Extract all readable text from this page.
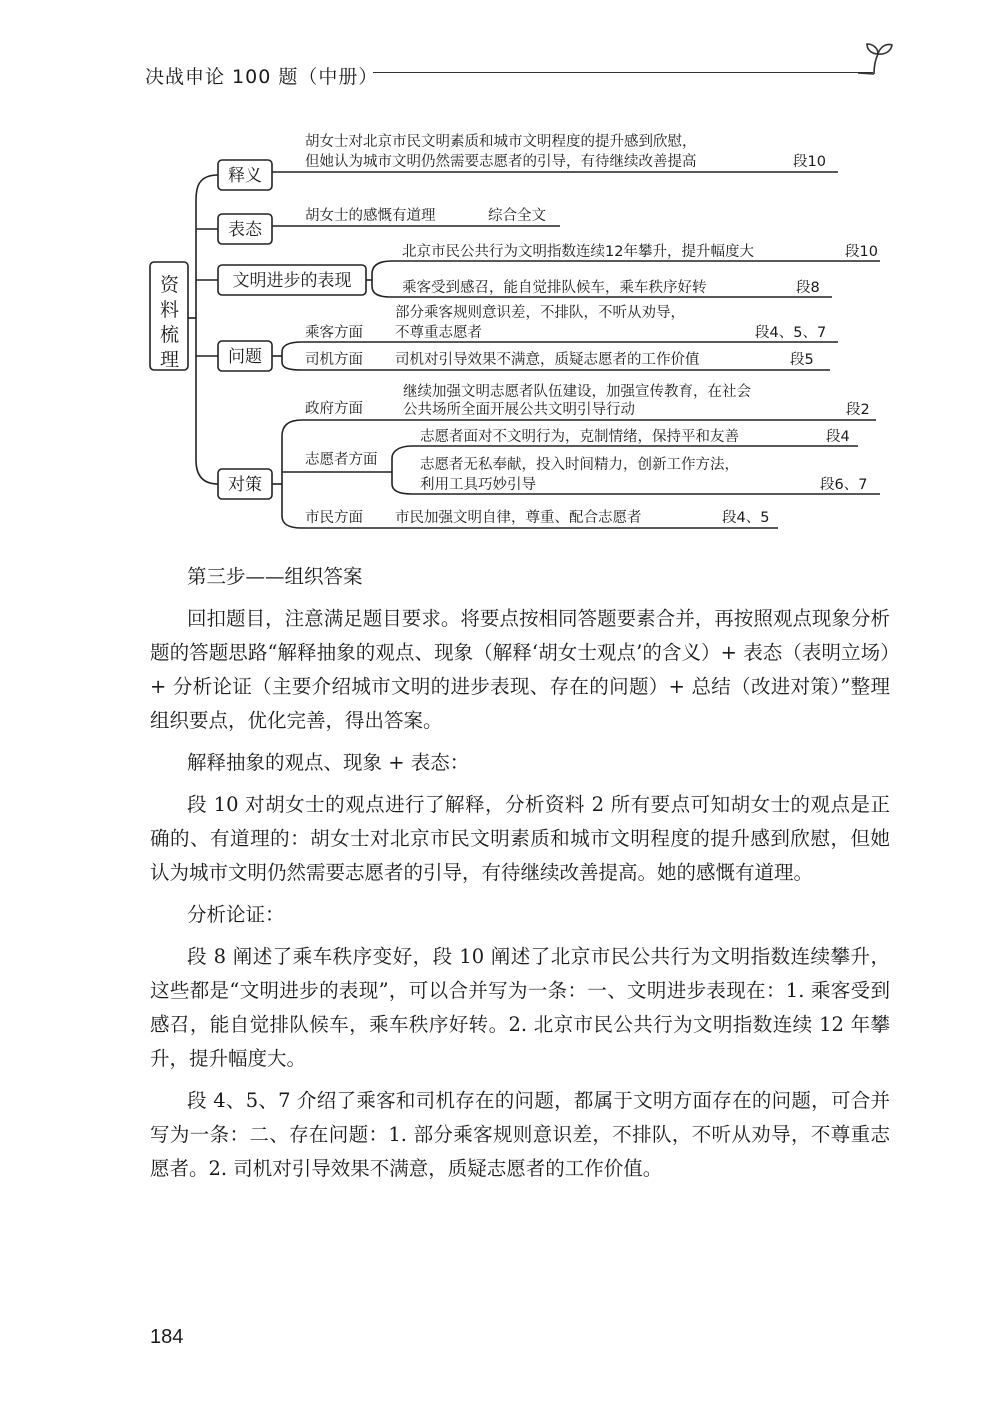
决战申论 100 题（中册）
资
料
梳
理
释义
表态
文明进步的表现
问题
对策
胡女士对北京市民文明素质和城市文明程度的提升感到欣慰，
但她认为城市文明仍然需要志愿者的引导，有待继续改善提高	段10
胡女士的感慨有道理	综合全文
北京市民公共行为文明指数连续12年攀升，提升幅度大	段10
乘客受到感召，能自觉排队候车，乘车秩序好转	段8
乘客方面
部分乘客规则意识差，不排队，不听从劝导，
不尊重志愿者	段4、5、7
司机方面 司机对引导效果不满意，质疑志愿者的工作价值	段5
政府方面
继续加强文明志愿者队伍建设，加强宣传教育，在社会
公共场所全面开展公共文明引导行动	段2
志愿者方面
志愿者面对不文明行为，克制情绪，保持平和友善	段4
志愿者无私奉献，投入时间精力，创新工作方法，
利用工具巧妙引导	段6、7
市民方面 市民加强文明自律，尊重、配合志愿者	段4、5

第三步——组织答案

回扣题目，注意满足题目要求。将要点按相同答题要素合并，再按照观点现象分析题的答题思路“解释抽象的观点、现象（解释‘胡女士观点’的含义）+ 表态（表明立场）+ 分析论证（主要介绍城市文明的进步表现、存在的问题）+ 总结（改进对策）”整理组织要点，优化完善，得出答案。

解释抽象的观点、现象 + 表态：

段 10 对胡女士的观点进行了解释，分析资料 2 所有要点可知胡女士的观点是正确的、有道理的：胡女士对北京市民文明素质和城市文明程度的提升感到欣慰，但她认为城市文明仍然需要志愿者的引导，有待继续改善提高。她的感慨有道理。

分析论证：

段 8 阐述了乘车秩序变好，段 10 阐述了北京市民公共行为文明指数连续攀升，这些都是“文明进步的表现”，可以合并写为一条：一、文明进步表现在：1. 乘客受到感召，能自觉排队候车，乘车秩序好转。2. 北京市民公共行为文明指数连续 12 年攀升，提升幅度大。

段 4、5、7 介绍了乘客和司机存在的问题，都属于文明方面存在的问题，可合并写为一条：二、存在问题：1. 部分乘客规则意识差，不排队，不听从劝导，不尊重志愿者。2. 司机对引导效果不满意，质疑志愿者的工作价值。

184
